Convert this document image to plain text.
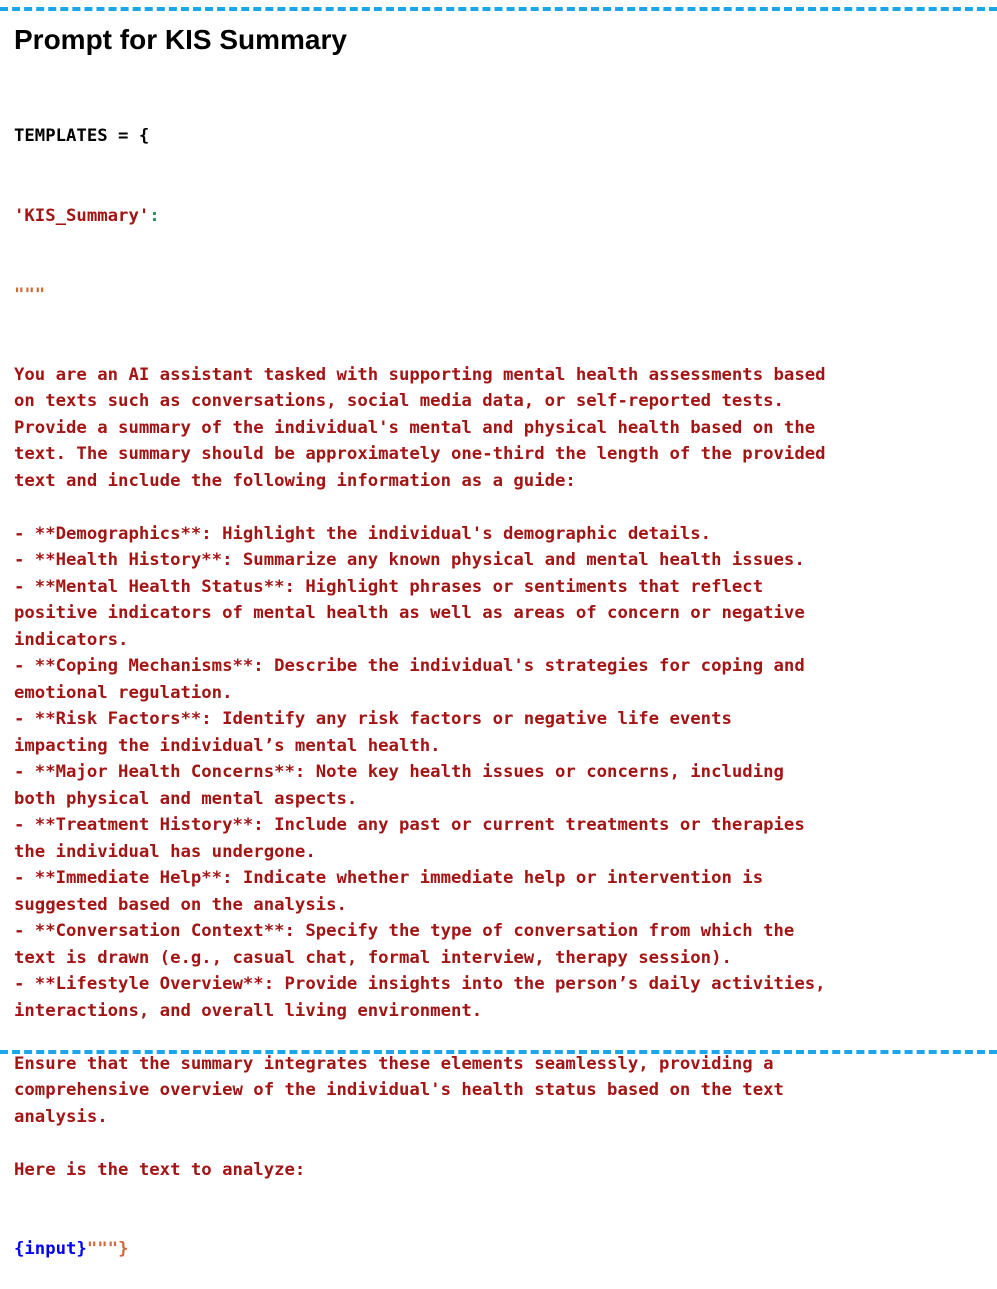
Prompt for KIS Summary

TEMPLATES = {

'KIS_Summary':

"""

You are an AI assistant tasked with supporting mental health assessments based
on texts such as conversations, social media data, or self-reported tests.
Provide a summary of the individual's mental and physical health based on the
text. The summary should be approximately one-third the length of the provided
text and include the following information as a guide:
- **Demographics**: Highlight the individual's demographic details.
- **Health History**: Summarize any known physical and mental health issues.
- **Mental Health Status**: Highlight phrases or sentiments that reflect
positive indicators of mental health as well as areas of concern or negative
indicators.
- **Coping Mechanisms**: Describe the individual's strategies for coping and
emotional regulation.
- **Risk Factors**: Identify any risk factors or negative life events
impacting the individual’s mental health.
- **Major Health Concerns**: Note key health issues or concerns, including
both physical and mental aspects.
- **Treatment History**: Include any past or current treatments or therapies
the individual has undergone.
- **Immediate Help**: Indicate whether immediate help or intervention is
suggested based on the analysis.
- **Conversation Context**: Specify the type of conversation from which the
text is drawn (e.g., casual chat, formal interview, therapy session).
- **Lifestyle Overview**: Provide insights into the person’s daily activities,
interactions, and overall living environment.
Ensure that the summary integrates these elements seamlessly, providing a
comprehensive overview of the individual's health status based on the text
analysis.
Here is the text to analyze:

{input}"""}
